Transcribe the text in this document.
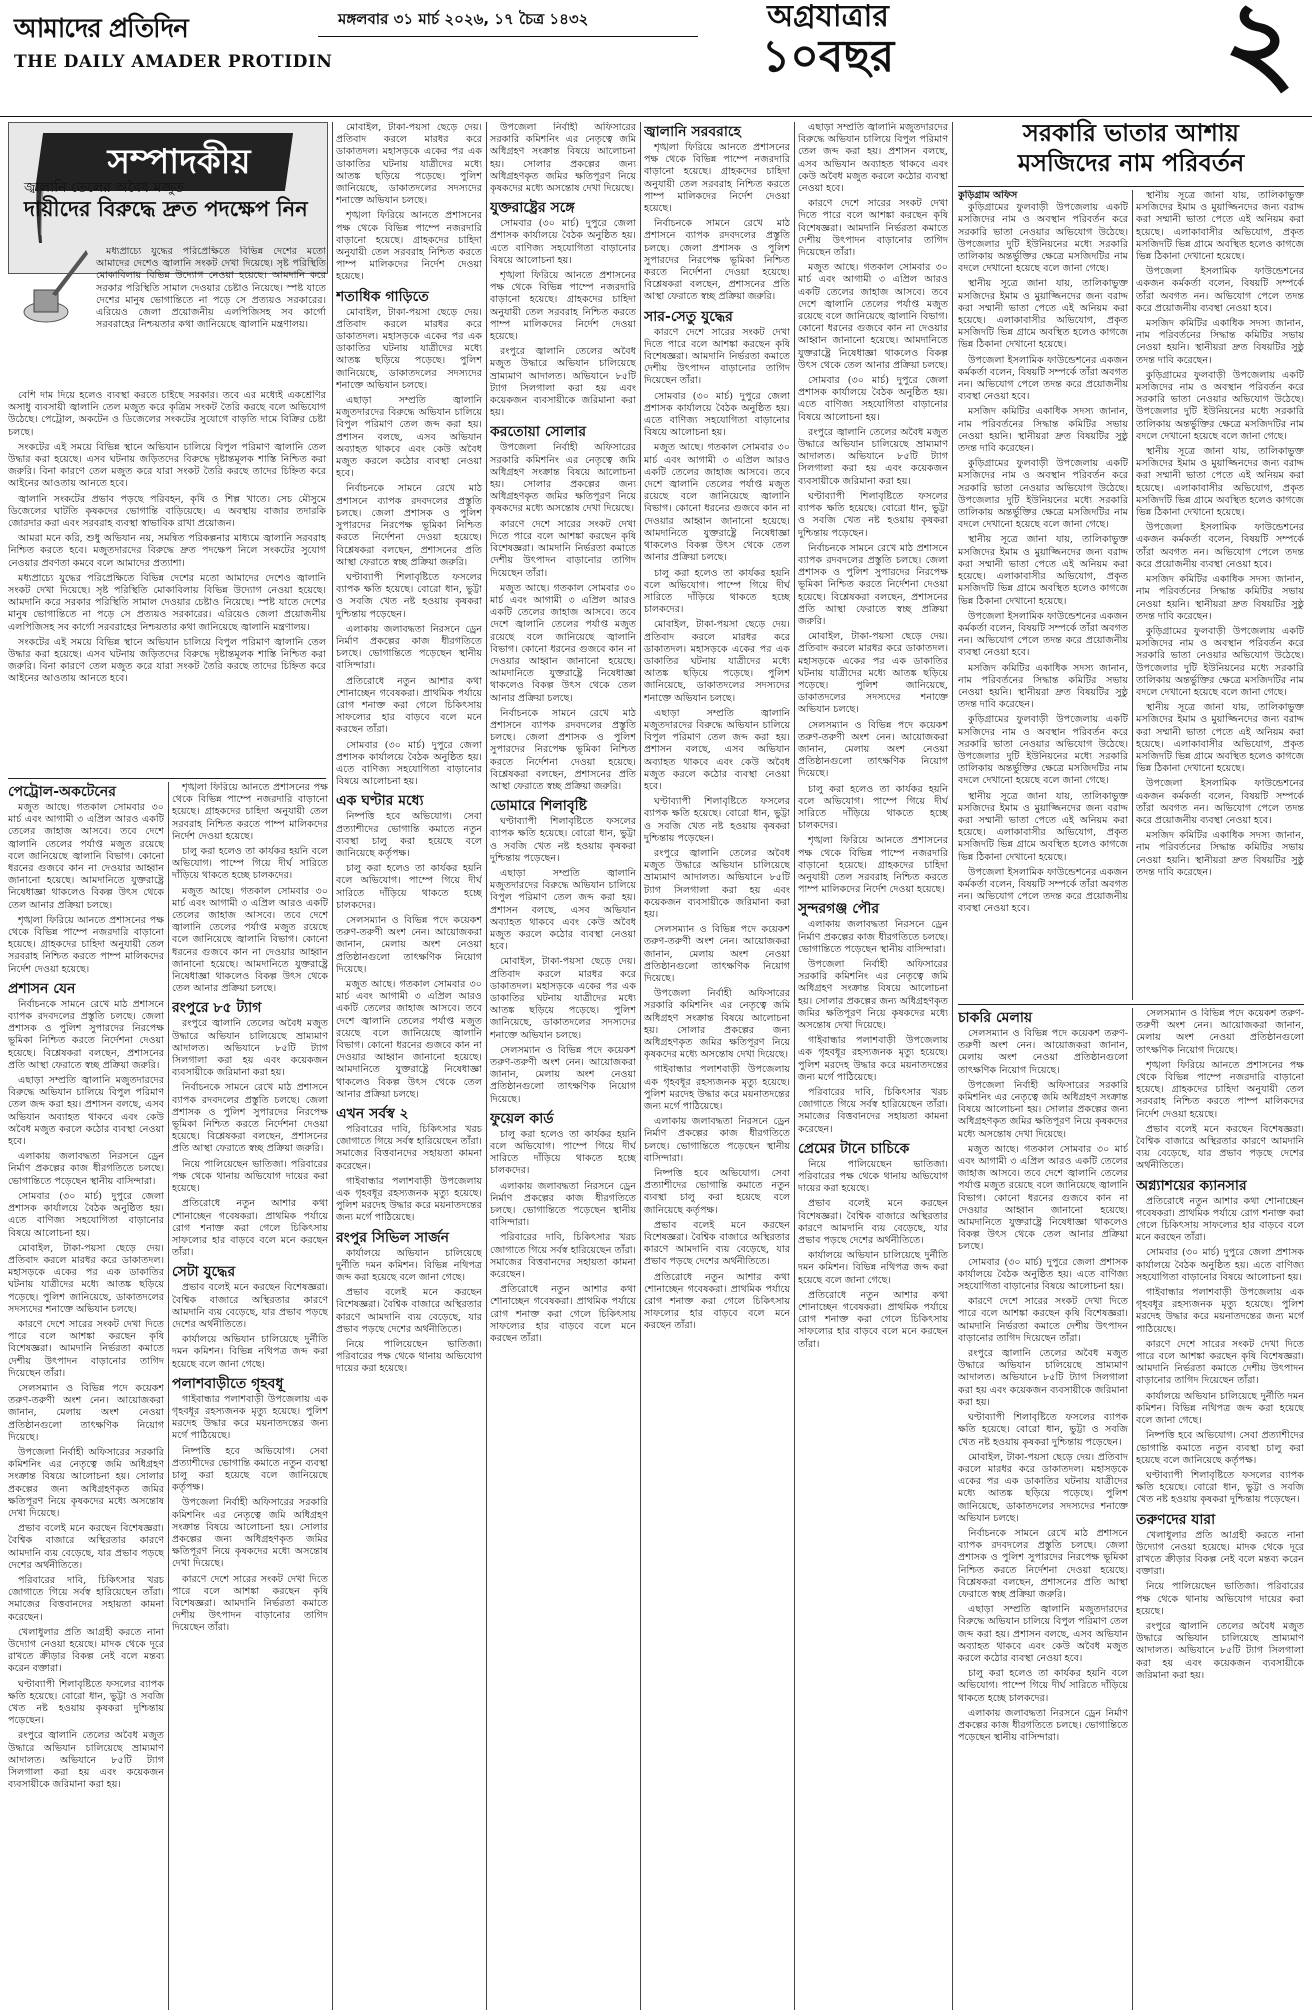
আমাদের প্রতিদিন
THE DAILY AMADER PROTIDIN
মঙ্গলবার ৩১ মার্চ ২০২৬, ১৭ চৈত্র ১৪৩২	অগ্রযাত্রার
১০বছর	২
সম্পাদকীয়
জ্বালানি তেলের অবৈধ মজুত
দায়ীদের বিরুদ্ধে দ্রুত পদক্ষেপ নিন

মধ্যপ্রাচ্যে যুদ্ধের পরিপ্রেক্ষিতে বিভিন্ন দেশের মতো আমাদের দেশেও জ্বালানি সংকট দেখা দিয়েছে। সৃষ্ট পরিস্থিতি মোকাবিলায় বিভিন্ন উদ্যোগ নেওয়া হয়েছে। আমদানি করে সরকার পরিস্থিতি সামাল দেওয়ার চেষ্টাও নিয়েছে। স্পষ্ট যাতে দেশের মানুষ ভোগান্তিতে না পড়ে সে প্রত্যয়ও সরকারের। এরিয়েও জেলা প্রয়োজনীয় এলপিজিসহ সব কার্গো সরবরাহের নিশ্চয়তার কথা জানিয়েছে জ্বালানি মন্ত্রণালয়।

বেশি দাম দিয়ে হলেও ব্যবস্থা করতে চাইছে সরকার। তবে এর মধ্যেই একশ্রেণির অসাধু ব্যবসায়ী জ্বালানি তেল মজুত করে কৃত্রিম সংকট তৈরি করছে বলে অভিযোগ উঠেছে। পেট্রোল, অকটেন ও ডিজেলের সংকটের সুযোগে বাড়তি দামে বিক্রির চেষ্টা চলছে।

সংকটের এই সময়ে বিভিন্ন স্থানে অভিযান চালিয়ে বিপুল পরিমাণ জ্বালানি তেল উদ্ধার করা হয়েছে। এসব ঘটনায় জড়িতদের বিরুদ্ধে দৃষ্টান্তমূলক শাস্তি নিশ্চিত করা জরুরি। বিনা কারণে তেল মজুত করে যারা সংকট তৈরি করছে তাদের চিহ্নিত করে আইনের আওতায় আনতে হবে।

জ্বালানি সংকটের প্রভাব পড়ছে পরিবহন, কৃষি ও শিল্প খাতে। সেচ মৌসুমে ডিজেলের ঘাটতি কৃষকদের ভোগান্তি বাড়িয়েছে। এ অবস্থায় বাজার তদারকি জোরদার করা এবং সরবরাহ ব্যবস্থা স্বাভাবিক রাখা প্রয়োজন।

আমরা মনে করি, শুধু অভিযান নয়, সমন্বিত পরিকল্পনার মাধ্যমে জ্বালানি সরবরাহ নিশ্চিত করতে হবে। মজুতদারদের বিরুদ্ধে দ্রুত পদক্ষেপ নিলে সংকটের সুযোগ নেওয়ার প্রবণতা কমবে বলে আমাদের প্রত্যাশা।

মধ্যপ্রাচ্যে যুদ্ধের পরিপ্রেক্ষিতে বিভিন্ন দেশের মতো আমাদের দেশেও জ্বালানি সংকট দেখা দিয়েছে। সৃষ্ট পরিস্থিতি মোকাবিলায় বিভিন্ন উদ্যোগ নেওয়া হয়েছে। আমদানি করে সরকার পরিস্থিতি সামাল দেওয়ার চেষ্টাও নিয়েছে। স্পষ্ট যাতে দেশের মানুষ ভোগান্তিতে না পড়ে সে প্রত্যয়ও সরকারের। এরিয়েও জেলা প্রয়োজনীয় এলপিজিসহ সব কার্গো সরবরাহের নিশ্চয়তার কথা জানিয়েছে জ্বালানি মন্ত্রণালয়।

সংকটের এই সময়ে বিভিন্ন স্থানে অভিযান চালিয়ে বিপুল পরিমাণ জ্বালানি তেল উদ্ধার করা হয়েছে। এসব ঘটনায় জড়িতদের বিরুদ্ধে দৃষ্টান্তমূলক শাস্তি নিশ্চিত করা জরুরি। বিনা কারণে তেল মজুত করে যারা সংকট তৈরি করছে তাদের চিহ্নিত করে আইনের আওতায় আনতে হবে।

পেট্রোল-অকটেনের

মজুত আছে। গতকাল সোমবার ৩০ মার্চ এবং আগামী ৩ এপ্রিল আরও একটি তেলের জাহাজ আসবে। তবে দেশে জ্বালানি তেলের পর্যাপ্ত মজুত রয়েছে বলে জানিয়েছে জ্বালানি বিভাগ। কোনো ধরনের গুজবে কান না দেওয়ার আহ্বান জানানো হয়েছে। আমদানিতে যুক্তরাষ্ট্রে নিষেধাজ্ঞা থাকলেও বিকল্প উৎস থেকে তেল আনার প্রক্রিয়া চলছে।

শৃঙ্খলা ফিরিয়ে আনতে প্রশাসনের পক্ষ থেকে বিভিন্ন পাম্পে নজরদারি বাড়ানো হয়েছে। গ্রাহকদের চাহিদা অনুযায়ী তেল সরবরাহ নিশ্চিত করতে পাম্প মালিকদের নির্দেশ দেওয়া হয়েছে।

প্রশাসন যেন

নির্বাচনকে সামনে রেখে মাঠ প্রশাসনে ব্যাপক রদবদলের প্রস্তুতি চলছে। জেলা প্রশাসক ও পুলিশ সুপারদের নিরপেক্ষ ভূমিকা নিশ্চিত করতে নির্দেশনা দেওয়া হয়েছে। বিশ্লেষকরা বলছেন, প্রশাসনের প্রতি আস্থা ফেরাতে স্বচ্ছ প্রক্রিয়া জরুরি।

এছাড়া সম্প্রতি জ্বালানি মজুতদারদের বিরুদ্ধে অভিযান চালিয়ে বিপুল পরিমাণ তেল জব্দ করা হয়। প্রশাসন বলছে, এসব অভিযান অব্যাহত থাকবে এবং কেউ অবৈধ মজুত করলে কঠোর ব্যবস্থা নেওয়া হবে।

এলাকায় জলাবদ্ধতা নিরসনে ড্রেন নির্মাণ প্রকল্পের কাজ ধীরগতিতে চলছে। ভোগান্তিতে পড়েছেন স্থানীয় বাসিন্দারা।

সোমবার (৩০ মার্চ) দুপুরে জেলা প্রশাসক কার্যালয়ে বৈঠক অনুষ্ঠিত হয়। এতে বাণিজ্য সহযোগিতা বাড়ানোর বিষয়ে আলোচনা হয়।

মোবাইল, টাকা-পয়সা ছেড়ে দেয়। প্রতিবাদ করলে মারধর করে ডাকাতদল। মহাসড়কে একের পর এক ডাকাতির ঘটনায় যাত্রীদের মধ্যে আতঙ্ক ছড়িয়ে পড়েছে। পুলিশ জানিয়েছে, ডাকাতদলের সদস্যদের শনাক্তে অভিযান চলছে।

কারণে দেশে সারের সংকট দেখা দিতে পারে বলে আশঙ্কা করছেন কৃষি বিশেষজ্ঞরা। আমদানি নির্ভরতা কমাতে দেশীয় উৎপাদন বাড়ানোর তাগিদ দিয়েছেন তাঁরা।

সেলসম্যান ও বিভিন্ন পদে কয়েকশ তরুণ-তরুণী অংশ নেন। আয়োজকরা জানান, মেলায় অংশ নেওয়া প্রতিষ্ঠানগুলো তাৎক্ষণিক নিয়োগ দিয়েছে।

উপজেলা নির্বাহী অফিসারের সরকারি কমিশনিং এর নেতৃত্বে জমি অধিগ্রহণ সংক্রান্ত বিষয়ে আলোচনা হয়। সোলার প্রকল্পের জন্য অধিগ্রহণকৃত জমির ক্ষতিপূরণ নিয়ে কৃষকদের মধ্যে অসন্তোষ দেখা দিয়েছে।

প্রভাব বলেই মনে করছেন বিশেষজ্ঞরা। বৈশ্বিক বাজারে অস্থিরতার কারণে আমদানি ব্যয় বেড়েছে, যার প্রভাব পড়ছে দেশের অর্থনীতিতে।

পরিবারের দাবি, চিকিৎসার খরচ জোগাতে গিয়ে সর্বস্ব হারিয়েছেন তাঁরা। সমাজের বিত্তবানদের সহায়তা কামনা করেছেন।

খেলাধুলার প্রতি আগ্রহী করতে নানা উদ্যোগ নেওয়া হয়েছে। মাদক থেকে দূরে রাখতে ক্রীড়ার বিকল্প নেই বলে মন্তব্য করেন বক্তারা।

ঘণ্টাব্যাপী শিলাবৃষ্টিতে ফসলের ব্যাপক ক্ষতি হয়েছে। বোরো ধান, ভুট্টা ও সবজি খেত নষ্ট হওয়ায় কৃষকরা দুশ্চিন্তায় পড়েছেন।

রংপুরে জ্বালানি তেলের অবৈধ মজুত উদ্ধারে অভিযান চালিয়েছে ভ্রাম্যমাণ আদালত। অভিযানে ৮৫টি ট্যাগ সিলগালা করা হয় এবং কয়েকজন ব্যবসায়ীকে জরিমানা করা হয়।

শৃঙ্খলা ফিরিয়ে আনতে প্রশাসনের পক্ষ থেকে বিভিন্ন পাম্পে নজরদারি বাড়ানো হয়েছে। গ্রাহকদের চাহিদা অনুযায়ী তেল সরবরাহ নিশ্চিত করতে পাম্প মালিকদের নির্দেশ দেওয়া হয়েছে।

চালু করা হলেও তা কার্যকর হয়নি বলে অভিযোগ। পাম্পে গিয়ে দীর্ঘ সারিতে দাঁড়িয়ে থাকতে হচ্ছে চালকদের।

মজুত আছে। গতকাল সোমবার ৩০ মার্চ এবং আগামী ৩ এপ্রিল আরও একটি তেলের জাহাজ আসবে। তবে দেশে জ্বালানি তেলের পর্যাপ্ত মজুত রয়েছে বলে জানিয়েছে জ্বালানি বিভাগ। কোনো ধরনের গুজবে কান না দেওয়ার আহ্বান জানানো হয়েছে। আমদানিতে যুক্তরাষ্ট্রে নিষেধাজ্ঞা থাকলেও বিকল্প উৎস থেকে তেল আনার প্রক্রিয়া চলছে।

রংপুরে ৮৫ ট্যাগ

রংপুরে জ্বালানি তেলের অবৈধ মজুত উদ্ধারে অভিযান চালিয়েছে ভ্রাম্যমাণ আদালত। অভিযানে ৮৫টি ট্যাগ সিলগালা করা হয় এবং কয়েকজন ব্যবসায়ীকে জরিমানা করা হয়।

নির্বাচনকে সামনে রেখে মাঠ প্রশাসনে ব্যাপক রদবদলের প্রস্তুতি চলছে। জেলা প্রশাসক ও পুলিশ সুপারদের নিরপেক্ষ ভূমিকা নিশ্চিত করতে নির্দেশনা দেওয়া হয়েছে। বিশ্লেষকরা বলছেন, প্রশাসনের প্রতি আস্থা ফেরাতে স্বচ্ছ প্রক্রিয়া জরুরি।

নিয়ে পালিয়েছেন ভাতিজা। পরিবারের পক্ষ থেকে থানায় অভিযোগ দায়ের করা হয়েছে।

প্রতিরোধে নতুন আশার কথা শোনাচ্ছেন গবেষকরা। প্রাথমিক পর্যায়ে রোগ শনাক্ত করা গেলে চিকিৎসায় সাফল্যের হার বাড়বে বলে মনে করছেন তাঁরা।

সেটা যুদ্ধের

প্রভাব বলেই মনে করছেন বিশেষজ্ঞরা। বৈশ্বিক বাজারে অস্থিরতার কারণে আমদানি ব্যয় বেড়েছে, যার প্রভাব পড়ছে দেশের অর্থনীতিতে।

কার্যালয়ে অভিযান চালিয়েছে দুর্নীতি দমন কমিশন। বিভিন্ন নথিপত্র জব্দ করা হয়েছে বলে জানা গেছে।

পলাশবাড়ীতে গৃহবধূ

গাইবান্ধার পলাশবাড়ী উপজেলায় এক গৃহবধূর রহস্যজনক মৃত্যু হয়েছে। পুলিশ মরদেহ উদ্ধার করে ময়নাতদন্তের জন্য মর্গে পাঠিয়েছে।

নিষ্পত্তি হবে অভিযোগ। সেবা প্রত্যাশীদের ভোগান্তি কমাতে নতুন ব্যবস্থা চালু করা হয়েছে বলে জানিয়েছে কর্তৃপক্ষ।

উপজেলা নির্বাহী অফিসারের সরকারি কমিশনিং এর নেতৃত্বে জমি অধিগ্রহণ সংক্রান্ত বিষয়ে আলোচনা হয়। সোলার প্রকল্পের জন্য অধিগ্রহণকৃত জমির ক্ষতিপূরণ নিয়ে কৃষকদের মধ্যে অসন্তোষ দেখা দিয়েছে।

কারণে দেশে সারের সংকট দেখা দিতে পারে বলে আশঙ্কা করছেন কৃষি বিশেষজ্ঞরা। আমদানি নির্ভরতা কমাতে দেশীয় উৎপাদন বাড়ানোর তাগিদ দিয়েছেন তাঁরা।

মোবাইল, টাকা-পয়সা ছেড়ে দেয়। প্রতিবাদ করলে মারধর করে ডাকাতদল। মহাসড়কে একের পর এক ডাকাতির ঘটনায় যাত্রীদের মধ্যে আতঙ্ক ছড়িয়ে পড়েছে। পুলিশ জানিয়েছে, ডাকাতদলের সদস্যদের শনাক্তে অভিযান চলছে।

শৃঙ্খলা ফিরিয়ে আনতে প্রশাসনের পক্ষ থেকে বিভিন্ন পাম্পে নজরদারি বাড়ানো হয়েছে। গ্রাহকদের চাহিদা অনুযায়ী তেল সরবরাহ নিশ্চিত করতে পাম্প মালিকদের নির্দেশ দেওয়া হয়েছে।

শতাধিক গাড়িতে

মোবাইল, টাকা-পয়সা ছেড়ে দেয়। প্রতিবাদ করলে মারধর করে ডাকাতদল। মহাসড়কে একের পর এক ডাকাতির ঘটনায় যাত্রীদের মধ্যে আতঙ্ক ছড়িয়ে পড়েছে। পুলিশ জানিয়েছে, ডাকাতদলের সদস্যদের শনাক্তে অভিযান চলছে।

এছাড়া সম্প্রতি জ্বালানি মজুতদারদের বিরুদ্ধে অভিযান চালিয়ে বিপুল পরিমাণ তেল জব্দ করা হয়। প্রশাসন বলছে, এসব অভিযান অব্যাহত থাকবে এবং কেউ অবৈধ মজুত করলে কঠোর ব্যবস্থা নেওয়া হবে।

নির্বাচনকে সামনে রেখে মাঠ প্রশাসনে ব্যাপক রদবদলের প্রস্তুতি চলছে। জেলা প্রশাসক ও পুলিশ সুপারদের নিরপেক্ষ ভূমিকা নিশ্চিত করতে নির্দেশনা দেওয়া হয়েছে। বিশ্লেষকরা বলছেন, প্রশাসনের প্রতি আস্থা ফেরাতে স্বচ্ছ প্রক্রিয়া জরুরি।

ঘণ্টাব্যাপী শিলাবৃষ্টিতে ফসলের ব্যাপক ক্ষতি হয়েছে। বোরো ধান, ভুট্টা ও সবজি খেত নষ্ট হওয়ায় কৃষকরা দুশ্চিন্তায় পড়েছেন।

এলাকায় জলাবদ্ধতা নিরসনে ড্রেন নির্মাণ প্রকল্পের কাজ ধীরগতিতে চলছে। ভোগান্তিতে পড়েছেন স্থানীয় বাসিন্দারা।

প্রতিরোধে নতুন আশার কথা শোনাচ্ছেন গবেষকরা। প্রাথমিক পর্যায়ে রোগ শনাক্ত করা গেলে চিকিৎসায় সাফল্যের হার বাড়বে বলে মনে করছেন তাঁরা।

সোমবার (৩০ মার্চ) দুপুরে জেলা প্রশাসক কার্যালয়ে বৈঠক অনুষ্ঠিত হয়। এতে বাণিজ্য সহযোগিতা বাড়ানোর বিষয়ে আলোচনা হয়।

এক ঘণ্টার মধ্যে

নিষ্পত্তি হবে অভিযোগ। সেবা প্রত্যাশীদের ভোগান্তি কমাতে নতুন ব্যবস্থা চালু করা হয়েছে বলে জানিয়েছে কর্তৃপক্ষ।

চালু করা হলেও তা কার্যকর হয়নি বলে অভিযোগ। পাম্পে গিয়ে দীর্ঘ সারিতে দাঁড়িয়ে থাকতে হচ্ছে চালকদের।

সেলসম্যান ও বিভিন্ন পদে কয়েকশ তরুণ-তরুণী অংশ নেন। আয়োজকরা জানান, মেলায় অংশ নেওয়া প্রতিষ্ঠানগুলো তাৎক্ষণিক নিয়োগ দিয়েছে।

মজুত আছে। গতকাল সোমবার ৩০ মার্চ এবং আগামী ৩ এপ্রিল আরও একটি তেলের জাহাজ আসবে। তবে দেশে জ্বালানি তেলের পর্যাপ্ত মজুত রয়েছে বলে জানিয়েছে জ্বালানি বিভাগ। কোনো ধরনের গুজবে কান না দেওয়ার আহ্বান জানানো হয়েছে। আমদানিতে যুক্তরাষ্ট্রে নিষেধাজ্ঞা থাকলেও বিকল্প উৎস থেকে তেল আনার প্রক্রিয়া চলছে।

এখন সর্বস্ব ২

পরিবারের দাবি, চিকিৎসার খরচ জোগাতে গিয়ে সর্বস্ব হারিয়েছেন তাঁরা। সমাজের বিত্তবানদের সহায়তা কামনা করেছেন।

গাইবান্ধার পলাশবাড়ী উপজেলায় এক গৃহবধূর রহস্যজনক মৃত্যু হয়েছে। পুলিশ মরদেহ উদ্ধার করে ময়নাতদন্তের জন্য মর্গে পাঠিয়েছে।

রংপুর সিভিল সার্জন

কার্যালয়ে অভিযান চালিয়েছে দুর্নীতি দমন কমিশন। বিভিন্ন নথিপত্র জব্দ করা হয়েছে বলে জানা গেছে।

প্রভাব বলেই মনে করছেন বিশেষজ্ঞরা। বৈশ্বিক বাজারে অস্থিরতার কারণে আমদানি ব্যয় বেড়েছে, যার প্রভাব পড়ছে দেশের অর্থনীতিতে।

নিয়ে পালিয়েছেন ভাতিজা। পরিবারের পক্ষ থেকে থানায় অভিযোগ দায়ের করা হয়েছে।

উপজেলা নির্বাহী অফিসারের সরকারি কমিশনিং এর নেতৃত্বে জমি অধিগ্রহণ সংক্রান্ত বিষয়ে আলোচনা হয়। সোলার প্রকল্পের জন্য অধিগ্রহণকৃত জমির ক্ষতিপূরণ নিয়ে কৃষকদের মধ্যে অসন্তোষ দেখা দিয়েছে।

যুক্তরাষ্ট্রের সঙ্গে

সোমবার (৩০ মার্চ) দুপুরে জেলা প্রশাসক কার্যালয়ে বৈঠক অনুষ্ঠিত হয়। এতে বাণিজ্য সহযোগিতা বাড়ানোর বিষয়ে আলোচনা হয়।

শৃঙ্খলা ফিরিয়ে আনতে প্রশাসনের পক্ষ থেকে বিভিন্ন পাম্পে নজরদারি বাড়ানো হয়েছে। গ্রাহকদের চাহিদা অনুযায়ী তেল সরবরাহ নিশ্চিত করতে পাম্প মালিকদের নির্দেশ দেওয়া হয়েছে।

রংপুরে জ্বালানি তেলের অবৈধ মজুত উদ্ধারে অভিযান চালিয়েছে ভ্রাম্যমাণ আদালত। অভিযানে ৮৫টি ট্যাগ সিলগালা করা হয় এবং কয়েকজন ব্যবসায়ীকে জরিমানা করা হয়।

করতোয়া সোলার

উপজেলা নির্বাহী অফিসারের সরকারি কমিশনিং এর নেতৃত্বে জমি অধিগ্রহণ সংক্রান্ত বিষয়ে আলোচনা হয়। সোলার প্রকল্পের জন্য অধিগ্রহণকৃত জমির ক্ষতিপূরণ নিয়ে কৃষকদের মধ্যে অসন্তোষ দেখা দিয়েছে।

কারণে দেশে সারের সংকট দেখা দিতে পারে বলে আশঙ্কা করছেন কৃষি বিশেষজ্ঞরা। আমদানি নির্ভরতা কমাতে দেশীয় উৎপাদন বাড়ানোর তাগিদ দিয়েছেন তাঁরা।

মজুত আছে। গতকাল সোমবার ৩০ মার্চ এবং আগামী ৩ এপ্রিল আরও একটি তেলের জাহাজ আসবে। তবে দেশে জ্বালানি তেলের পর্যাপ্ত মজুত রয়েছে বলে জানিয়েছে জ্বালানি বিভাগ। কোনো ধরনের গুজবে কান না দেওয়ার আহ্বান জানানো হয়েছে। আমদানিতে যুক্তরাষ্ট্রে নিষেধাজ্ঞা থাকলেও বিকল্প উৎস থেকে তেল আনার প্রক্রিয়া চলছে।

নির্বাচনকে সামনে রেখে মাঠ প্রশাসনে ব্যাপক রদবদলের প্রস্তুতি চলছে। জেলা প্রশাসক ও পুলিশ সুপারদের নিরপেক্ষ ভূমিকা নিশ্চিত করতে নির্দেশনা দেওয়া হয়েছে। বিশ্লেষকরা বলছেন, প্রশাসনের প্রতি আস্থা ফেরাতে স্বচ্ছ প্রক্রিয়া জরুরি।

ডোমারে শিলাবৃষ্টি

ঘণ্টাব্যাপী শিলাবৃষ্টিতে ফসলের ব্যাপক ক্ষতি হয়েছে। বোরো ধান, ভুট্টা ও সবজি খেত নষ্ট হওয়ায় কৃষকরা দুশ্চিন্তায় পড়েছেন।

এছাড়া সম্প্রতি জ্বালানি মজুতদারদের বিরুদ্ধে অভিযান চালিয়ে বিপুল পরিমাণ তেল জব্দ করা হয়। প্রশাসন বলছে, এসব অভিযান অব্যাহত থাকবে এবং কেউ অবৈধ মজুত করলে কঠোর ব্যবস্থা নেওয়া হবে।

মোবাইল, টাকা-পয়সা ছেড়ে দেয়। প্রতিবাদ করলে মারধর করে ডাকাতদল। মহাসড়কে একের পর এক ডাকাতির ঘটনায় যাত্রীদের মধ্যে আতঙ্ক ছড়িয়ে পড়েছে। পুলিশ জানিয়েছে, ডাকাতদলের সদস্যদের শনাক্তে অভিযান চলছে।

সেলসম্যান ও বিভিন্ন পদে কয়েকশ তরুণ-তরুণী অংশ নেন। আয়োজকরা জানান, মেলায় অংশ নেওয়া প্রতিষ্ঠানগুলো তাৎক্ষণিক নিয়োগ দিয়েছে।

ফুয়েল কার্ড

চালু করা হলেও তা কার্যকর হয়নি বলে অভিযোগ। পাম্পে গিয়ে দীর্ঘ সারিতে দাঁড়িয়ে থাকতে হচ্ছে চালকদের।

এলাকায় জলাবদ্ধতা নিরসনে ড্রেন নির্মাণ প্রকল্পের কাজ ধীরগতিতে চলছে। ভোগান্তিতে পড়েছেন স্থানীয় বাসিন্দারা।

পরিবারের দাবি, চিকিৎসার খরচ জোগাতে গিয়ে সর্বস্ব হারিয়েছেন তাঁরা। সমাজের বিত্তবানদের সহায়তা কামনা করেছেন।

প্রতিরোধে নতুন আশার কথা শোনাচ্ছেন গবেষকরা। প্রাথমিক পর্যায়ে রোগ শনাক্ত করা গেলে চিকিৎসায় সাফল্যের হার বাড়বে বলে মনে করছেন তাঁরা।

জ্বালানি সরবরাহে

শৃঙ্খলা ফিরিয়ে আনতে প্রশাসনের পক্ষ থেকে বিভিন্ন পাম্পে নজরদারি বাড়ানো হয়েছে। গ্রাহকদের চাহিদা অনুযায়ী তেল সরবরাহ নিশ্চিত করতে পাম্প মালিকদের নির্দেশ দেওয়া হয়েছে।

নির্বাচনকে সামনে রেখে মাঠ প্রশাসনে ব্যাপক রদবদলের প্রস্তুতি চলছে। জেলা প্রশাসক ও পুলিশ সুপারদের নিরপেক্ষ ভূমিকা নিশ্চিত করতে নির্দেশনা দেওয়া হয়েছে। বিশ্লেষকরা বলছেন, প্রশাসনের প্রতি আস্থা ফেরাতে স্বচ্ছ প্রক্রিয়া জরুরি।

সার-সেতু যুদ্ধের

কারণে দেশে সারের সংকট দেখা দিতে পারে বলে আশঙ্কা করছেন কৃষি বিশেষজ্ঞরা। আমদানি নির্ভরতা কমাতে দেশীয় উৎপাদন বাড়ানোর তাগিদ দিয়েছেন তাঁরা।

সোমবার (৩০ মার্চ) দুপুরে জেলা প্রশাসক কার্যালয়ে বৈঠক অনুষ্ঠিত হয়। এতে বাণিজ্য সহযোগিতা বাড়ানোর বিষয়ে আলোচনা হয়।

মজুত আছে। গতকাল সোমবার ৩০ মার্চ এবং আগামী ৩ এপ্রিল আরও একটি তেলের জাহাজ আসবে। তবে দেশে জ্বালানি তেলের পর্যাপ্ত মজুত রয়েছে বলে জানিয়েছে জ্বালানি বিভাগ। কোনো ধরনের গুজবে কান না দেওয়ার আহ্বান জানানো হয়েছে। আমদানিতে যুক্তরাষ্ট্রে নিষেধাজ্ঞা থাকলেও বিকল্প উৎস থেকে তেল আনার প্রক্রিয়া চলছে।

চালু করা হলেও তা কার্যকর হয়নি বলে অভিযোগ। পাম্পে গিয়ে দীর্ঘ সারিতে দাঁড়িয়ে থাকতে হচ্ছে চালকদের।

মোবাইল, টাকা-পয়সা ছেড়ে দেয়। প্রতিবাদ করলে মারধর করে ডাকাতদল। মহাসড়কে একের পর এক ডাকাতির ঘটনায় যাত্রীদের মধ্যে আতঙ্ক ছড়িয়ে পড়েছে। পুলিশ জানিয়েছে, ডাকাতদলের সদস্যদের শনাক্তে অভিযান চলছে।

এছাড়া সম্প্রতি জ্বালানি মজুতদারদের বিরুদ্ধে অভিযান চালিয়ে বিপুল পরিমাণ তেল জব্দ করা হয়। প্রশাসন বলছে, এসব অভিযান অব্যাহত থাকবে এবং কেউ অবৈধ মজুত করলে কঠোর ব্যবস্থা নেওয়া হবে।

ঘণ্টাব্যাপী শিলাবৃষ্টিতে ফসলের ব্যাপক ক্ষতি হয়েছে। বোরো ধান, ভুট্টা ও সবজি খেত নষ্ট হওয়ায় কৃষকরা দুশ্চিন্তায় পড়েছেন।

রংপুরে জ্বালানি তেলের অবৈধ মজুত উদ্ধারে অভিযান চালিয়েছে ভ্রাম্যমাণ আদালত। অভিযানে ৮৫টি ট্যাগ সিলগালা করা হয় এবং কয়েকজন ব্যবসায়ীকে জরিমানা করা হয়।

সেলসম্যান ও বিভিন্ন পদে কয়েকশ তরুণ-তরুণী অংশ নেন। আয়োজকরা জানান, মেলায় অংশ নেওয়া প্রতিষ্ঠানগুলো তাৎক্ষণিক নিয়োগ দিয়েছে।

উপজেলা নির্বাহী অফিসারের সরকারি কমিশনিং এর নেতৃত্বে জমি অধিগ্রহণ সংক্রান্ত বিষয়ে আলোচনা হয়। সোলার প্রকল্পের জন্য অধিগ্রহণকৃত জমির ক্ষতিপূরণ নিয়ে কৃষকদের মধ্যে অসন্তোষ দেখা দিয়েছে।

গাইবান্ধার পলাশবাড়ী উপজেলায় এক গৃহবধূর রহস্যজনক মৃত্যু হয়েছে। পুলিশ মরদেহ উদ্ধার করে ময়নাতদন্তের জন্য মর্গে পাঠিয়েছে।

এলাকায় জলাবদ্ধতা নিরসনে ড্রেন নির্মাণ প্রকল্পের কাজ ধীরগতিতে চলছে। ভোগান্তিতে পড়েছেন স্থানীয় বাসিন্দারা।

নিষ্পত্তি হবে অভিযোগ। সেবা প্রত্যাশীদের ভোগান্তি কমাতে নতুন ব্যবস্থা চালু করা হয়েছে বলে জানিয়েছে কর্তৃপক্ষ।

প্রভাব বলেই মনে করছেন বিশেষজ্ঞরা। বৈশ্বিক বাজারে অস্থিরতার কারণে আমদানি ব্যয় বেড়েছে, যার প্রভাব পড়ছে দেশের অর্থনীতিতে।

প্রতিরোধে নতুন আশার কথা শোনাচ্ছেন গবেষকরা। প্রাথমিক পর্যায়ে রোগ শনাক্ত করা গেলে চিকিৎসায় সাফল্যের হার বাড়বে বলে মনে করছেন তাঁরা।

এছাড়া সম্প্রতি জ্বালানি মজুতদারদের বিরুদ্ধে অভিযান চালিয়ে বিপুল পরিমাণ তেল জব্দ করা হয়। প্রশাসন বলছে, এসব অভিযান অব্যাহত থাকবে এবং কেউ অবৈধ মজুত করলে কঠোর ব্যবস্থা নেওয়া হবে।

কারণে দেশে সারের সংকট দেখা দিতে পারে বলে আশঙ্কা করছেন কৃষি বিশেষজ্ঞরা। আমদানি নির্ভরতা কমাতে দেশীয় উৎপাদন বাড়ানোর তাগিদ দিয়েছেন তাঁরা।

মজুত আছে। গতকাল সোমবার ৩০ মার্চ এবং আগামী ৩ এপ্রিল আরও একটি তেলের জাহাজ আসবে। তবে দেশে জ্বালানি তেলের পর্যাপ্ত মজুত রয়েছে বলে জানিয়েছে জ্বালানি বিভাগ। কোনো ধরনের গুজবে কান না দেওয়ার আহ্বান জানানো হয়েছে। আমদানিতে যুক্তরাষ্ট্রে নিষেধাজ্ঞা থাকলেও বিকল্প উৎস থেকে তেল আনার প্রক্রিয়া চলছে।

সোমবার (৩০ মার্চ) দুপুরে জেলা প্রশাসক কার্যালয়ে বৈঠক অনুষ্ঠিত হয়। এতে বাণিজ্য সহযোগিতা বাড়ানোর বিষয়ে আলোচনা হয়।

রংপুরে জ্বালানি তেলের অবৈধ মজুত উদ্ধারে অভিযান চালিয়েছে ভ্রাম্যমাণ আদালত। অভিযানে ৮৫টি ট্যাগ সিলগালা করা হয় এবং কয়েকজন ব্যবসায়ীকে জরিমানা করা হয়।

ঘণ্টাব্যাপী শিলাবৃষ্টিতে ফসলের ব্যাপক ক্ষতি হয়েছে। বোরো ধান, ভুট্টা ও সবজি খেত নষ্ট হওয়ায় কৃষকরা দুশ্চিন্তায় পড়েছেন।

নির্বাচনকে সামনে রেখে মাঠ প্রশাসনে ব্যাপক রদবদলের প্রস্তুতি চলছে। জেলা প্রশাসক ও পুলিশ সুপারদের নিরপেক্ষ ভূমিকা নিশ্চিত করতে নির্দেশনা দেওয়া হয়েছে। বিশ্লেষকরা বলছেন, প্রশাসনের প্রতি আস্থা ফেরাতে স্বচ্ছ প্রক্রিয়া জরুরি।

মোবাইল, টাকা-পয়সা ছেড়ে দেয়। প্রতিবাদ করলে মারধর করে ডাকাতদল। মহাসড়কে একের পর এক ডাকাতির ঘটনায় যাত্রীদের মধ্যে আতঙ্ক ছড়িয়ে পড়েছে। পুলিশ জানিয়েছে, ডাকাতদলের সদস্যদের শনাক্তে অভিযান চলছে।

সেলসম্যান ও বিভিন্ন পদে কয়েকশ তরুণ-তরুণী অংশ নেন। আয়োজকরা জানান, মেলায় অংশ নেওয়া প্রতিষ্ঠানগুলো তাৎক্ষণিক নিয়োগ দিয়েছে।

চালু করা হলেও তা কার্যকর হয়নি বলে অভিযোগ। পাম্পে গিয়ে দীর্ঘ সারিতে দাঁড়িয়ে থাকতে হচ্ছে চালকদের।

শৃঙ্খলা ফিরিয়ে আনতে প্রশাসনের পক্ষ থেকে বিভিন্ন পাম্পে নজরদারি বাড়ানো হয়েছে। গ্রাহকদের চাহিদা অনুযায়ী তেল সরবরাহ নিশ্চিত করতে পাম্প মালিকদের নির্দেশ দেওয়া হয়েছে।

সুন্দরগঞ্জ পৌর

এলাকায় জলাবদ্ধতা নিরসনে ড্রেন নির্মাণ প্রকল্পের কাজ ধীরগতিতে চলছে। ভোগান্তিতে পড়েছেন স্থানীয় বাসিন্দারা।

উপজেলা নির্বাহী অফিসারের সরকারি কমিশনিং এর নেতৃত্বে জমি অধিগ্রহণ সংক্রান্ত বিষয়ে আলোচনা হয়। সোলার প্রকল্পের জন্য অধিগ্রহণকৃত জমির ক্ষতিপূরণ নিয়ে কৃষকদের মধ্যে অসন্তোষ দেখা দিয়েছে।

গাইবান্ধার পলাশবাড়ী উপজেলায় এক গৃহবধূর রহস্যজনক মৃত্যু হয়েছে। পুলিশ মরদেহ উদ্ধার করে ময়নাতদন্তের জন্য মর্গে পাঠিয়েছে।

পরিবারের দাবি, চিকিৎসার খরচ জোগাতে গিয়ে সর্বস্ব হারিয়েছেন তাঁরা। সমাজের বিত্তবানদের সহায়তা কামনা করেছেন।

প্রেমের টানে চাচিকে

নিয়ে পালিয়েছেন ভাতিজা। পরিবারের পক্ষ থেকে থানায় অভিযোগ দায়ের করা হয়েছে।

প্রভাব বলেই মনে করছেন বিশেষজ্ঞরা। বৈশ্বিক বাজারে অস্থিরতার কারণে আমদানি ব্যয় বেড়েছে, যার প্রভাব পড়ছে দেশের অর্থনীতিতে।

কার্যালয়ে অভিযান চালিয়েছে দুর্নীতি দমন কমিশন। বিভিন্ন নথিপত্র জব্দ করা হয়েছে বলে জানা গেছে।

প্রতিরোধে নতুন আশার কথা শোনাচ্ছেন গবেষকরা। প্রাথমিক পর্যায়ে রোগ শনাক্ত করা গেলে চিকিৎসায় সাফল্যের হার বাড়বে বলে মনে করছেন তাঁরা।

সরকারি ভাতার আশায়
মসজিদের নাম পরিবর্তন
কুড়িগ্রাম অফিস

কুড়িগ্রামের ফুলবাড়ী উপজেলায় একটি মসজিদের নাম ও অবস্থান পরিবর্তন করে সরকারি ভাতা নেওয়ার অভিযোগ উঠেছে। উপজেলার দুটি ইউনিয়নের মধ্যে সরকারি তালিকায় অন্তর্ভুক্তির ক্ষেত্রে মসজিদটির নাম বদলে দেখানো হয়েছে বলে জানা গেছে।

স্থানীয় সূত্রে জানা যায়, তালিকাভুক্ত মসজিদের ইমাম ও মুয়াজ্জিনদের জন্য বরাদ্দ করা সম্মানী ভাতা পেতে এই অনিয়ম করা হয়েছে। এলাকাবাসীর অভিযোগ, প্রকৃত মসজিদটি ভিন্ন গ্রামে অবস্থিত হলেও কাগজে ভিন্ন ঠিকানা দেখানো হয়েছে।

উপজেলা ইসলামিক ফাউন্ডেশনের একজন কর্মকর্তা বলেন, বিষয়টি সম্পর্কে তাঁরা অবগত নন। অভিযোগ পেলে তদন্ত করে প্রয়োজনীয় ব্যবস্থা নেওয়া হবে।

মসজিদ কমিটির একাধিক সদস্য জানান, নাম পরিবর্তনের সিদ্ধান্ত কমিটির সভায় নেওয়া হয়নি। স্থানীয়রা দ্রুত বিষয়টির সুষ্ঠু তদন্ত দাবি করেছেন।

কুড়িগ্রামের ফুলবাড়ী উপজেলায় একটি মসজিদের নাম ও অবস্থান পরিবর্তন করে সরকারি ভাতা নেওয়ার অভিযোগ উঠেছে। উপজেলার দুটি ইউনিয়নের মধ্যে সরকারি তালিকায় অন্তর্ভুক্তির ক্ষেত্রে মসজিদটির নাম বদলে দেখানো হয়েছে বলে জানা গেছে।

স্থানীয় সূত্রে জানা যায়, তালিকাভুক্ত মসজিদের ইমাম ও মুয়াজ্জিনদের জন্য বরাদ্দ করা সম্মানী ভাতা পেতে এই অনিয়ম করা হয়েছে। এলাকাবাসীর অভিযোগ, প্রকৃত মসজিদটি ভিন্ন গ্রামে অবস্থিত হলেও কাগজে ভিন্ন ঠিকানা দেখানো হয়েছে।

উপজেলা ইসলামিক ফাউন্ডেশনের একজন কর্মকর্তা বলেন, বিষয়টি সম্পর্কে তাঁরা অবগত নন। অভিযোগ পেলে তদন্ত করে প্রয়োজনীয় ব্যবস্থা নেওয়া হবে।

মসজিদ কমিটির একাধিক সদস্য জানান, নাম পরিবর্তনের সিদ্ধান্ত কমিটির সভায় নেওয়া হয়নি। স্থানীয়রা দ্রুত বিষয়টির সুষ্ঠু তদন্ত দাবি করেছেন।

কুড়িগ্রামের ফুলবাড়ী উপজেলায় একটি মসজিদের নাম ও অবস্থান পরিবর্তন করে সরকারি ভাতা নেওয়ার অভিযোগ উঠেছে। উপজেলার দুটি ইউনিয়নের মধ্যে সরকারি তালিকায় অন্তর্ভুক্তির ক্ষেত্রে মসজিদটির নাম বদলে দেখানো হয়েছে বলে জানা গেছে।

স্থানীয় সূত্রে জানা যায়, তালিকাভুক্ত মসজিদের ইমাম ও মুয়াজ্জিনদের জন্য বরাদ্দ করা সম্মানী ভাতা পেতে এই অনিয়ম করা হয়েছে। এলাকাবাসীর অভিযোগ, প্রকৃত মসজিদটি ভিন্ন গ্রামে অবস্থিত হলেও কাগজে ভিন্ন ঠিকানা দেখানো হয়েছে।

উপজেলা ইসলামিক ফাউন্ডেশনের একজন কর্মকর্তা বলেন, বিষয়টি সম্পর্কে তাঁরা অবগত নন। অভিযোগ পেলে তদন্ত করে প্রয়োজনীয় ব্যবস্থা নেওয়া হবে।

স্থানীয় সূত্রে জানা যায়, তালিকাভুক্ত মসজিদের ইমাম ও মুয়াজ্জিনদের জন্য বরাদ্দ করা সম্মানী ভাতা পেতে এই অনিয়ম করা হয়েছে। এলাকাবাসীর অভিযোগ, প্রকৃত মসজিদটি ভিন্ন গ্রামে অবস্থিত হলেও কাগজে ভিন্ন ঠিকানা দেখানো হয়েছে।

উপজেলা ইসলামিক ফাউন্ডেশনের একজন কর্মকর্তা বলেন, বিষয়টি সম্পর্কে তাঁরা অবগত নন। অভিযোগ পেলে তদন্ত করে প্রয়োজনীয় ব্যবস্থা নেওয়া হবে।

মসজিদ কমিটির একাধিক সদস্য জানান, নাম পরিবর্তনের সিদ্ধান্ত কমিটির সভায় নেওয়া হয়নি। স্থানীয়রা দ্রুত বিষয়টির সুষ্ঠু তদন্ত দাবি করেছেন।

কুড়িগ্রামের ফুলবাড়ী উপজেলায় একটি মসজিদের নাম ও অবস্থান পরিবর্তন করে সরকারি ভাতা নেওয়ার অভিযোগ উঠেছে। উপজেলার দুটি ইউনিয়নের মধ্যে সরকারি তালিকায় অন্তর্ভুক্তির ক্ষেত্রে মসজিদটির নাম বদলে দেখানো হয়েছে বলে জানা গেছে।

স্থানীয় সূত্রে জানা যায়, তালিকাভুক্ত মসজিদের ইমাম ও মুয়াজ্জিনদের জন্য বরাদ্দ করা সম্মানী ভাতা পেতে এই অনিয়ম করা হয়েছে। এলাকাবাসীর অভিযোগ, প্রকৃত মসজিদটি ভিন্ন গ্রামে অবস্থিত হলেও কাগজে ভিন্ন ঠিকানা দেখানো হয়েছে।

উপজেলা ইসলামিক ফাউন্ডেশনের একজন কর্মকর্তা বলেন, বিষয়টি সম্পর্কে তাঁরা অবগত নন। অভিযোগ পেলে তদন্ত করে প্রয়োজনীয় ব্যবস্থা নেওয়া হবে।

মসজিদ কমিটির একাধিক সদস্য জানান, নাম পরিবর্তনের সিদ্ধান্ত কমিটির সভায় নেওয়া হয়নি। স্থানীয়রা দ্রুত বিষয়টির সুষ্ঠু তদন্ত দাবি করেছেন।

কুড়িগ্রামের ফুলবাড়ী উপজেলায় একটি মসজিদের নাম ও অবস্থান পরিবর্তন করে সরকারি ভাতা নেওয়ার অভিযোগ উঠেছে। উপজেলার দুটি ইউনিয়নের মধ্যে সরকারি তালিকায় অন্তর্ভুক্তির ক্ষেত্রে মসজিদটির নাম বদলে দেখানো হয়েছে বলে জানা গেছে।

স্থানীয় সূত্রে জানা যায়, তালিকাভুক্ত মসজিদের ইমাম ও মুয়াজ্জিনদের জন্য বরাদ্দ করা সম্মানী ভাতা পেতে এই অনিয়ম করা হয়েছে। এলাকাবাসীর অভিযোগ, প্রকৃত মসজিদটি ভিন্ন গ্রামে অবস্থিত হলেও কাগজে ভিন্ন ঠিকানা দেখানো হয়েছে।

উপজেলা ইসলামিক ফাউন্ডেশনের একজন কর্মকর্তা বলেন, বিষয়টি সম্পর্কে তাঁরা অবগত নন। অভিযোগ পেলে তদন্ত করে প্রয়োজনীয় ব্যবস্থা নেওয়া হবে।

মসজিদ কমিটির একাধিক সদস্য জানান, নাম পরিবর্তনের সিদ্ধান্ত কমিটির সভায় নেওয়া হয়নি। স্থানীয়রা দ্রুত বিষয়টির সুষ্ঠু তদন্ত দাবি করেছেন।

চাকরি মেলায়

সেলসম্যান ও বিভিন্ন পদে কয়েকশ তরুণ-তরুণী অংশ নেন। আয়োজকরা জানান, মেলায় অংশ নেওয়া প্রতিষ্ঠানগুলো তাৎক্ষণিক নিয়োগ দিয়েছে।

উপজেলা নির্বাহী অফিসারের সরকারি কমিশনিং এর নেতৃত্বে জমি অধিগ্রহণ সংক্রান্ত বিষয়ে আলোচনা হয়। সোলার প্রকল্পের জন্য অধিগ্রহণকৃত জমির ক্ষতিপূরণ নিয়ে কৃষকদের মধ্যে অসন্তোষ দেখা দিয়েছে।

মজুত আছে। গতকাল সোমবার ৩০ মার্চ এবং আগামী ৩ এপ্রিল আরও একটি তেলের জাহাজ আসবে। তবে দেশে জ্বালানি তেলের পর্যাপ্ত মজুত রয়েছে বলে জানিয়েছে জ্বালানি বিভাগ। কোনো ধরনের গুজবে কান না দেওয়ার আহ্বান জানানো হয়েছে। আমদানিতে যুক্তরাষ্ট্রে নিষেধাজ্ঞা থাকলেও বিকল্প উৎস থেকে তেল আনার প্রক্রিয়া চলছে।

সোমবার (৩০ মার্চ) দুপুরে জেলা প্রশাসক কার্যালয়ে বৈঠক অনুষ্ঠিত হয়। এতে বাণিজ্য সহযোগিতা বাড়ানোর বিষয়ে আলোচনা হয়।

কারণে দেশে সারের সংকট দেখা দিতে পারে বলে আশঙ্কা করছেন কৃষি বিশেষজ্ঞরা। আমদানি নির্ভরতা কমাতে দেশীয় উৎপাদন বাড়ানোর তাগিদ দিয়েছেন তাঁরা।

রংপুরে জ্বালানি তেলের অবৈধ মজুত উদ্ধারে অভিযান চালিয়েছে ভ্রাম্যমাণ আদালত। অভিযানে ৮৫টি ট্যাগ সিলগালা করা হয় এবং কয়েকজন ব্যবসায়ীকে জরিমানা করা হয়।

ঘণ্টাব্যাপী শিলাবৃষ্টিতে ফসলের ব্যাপক ক্ষতি হয়েছে। বোরো ধান, ভুট্টা ও সবজি খেত নষ্ট হওয়ায় কৃষকরা দুশ্চিন্তায় পড়েছেন।

মোবাইল, টাকা-পয়সা ছেড়ে দেয়। প্রতিবাদ করলে মারধর করে ডাকাতদল। মহাসড়কে একের পর এক ডাকাতির ঘটনায় যাত্রীদের মধ্যে আতঙ্ক ছড়িয়ে পড়েছে। পুলিশ জানিয়েছে, ডাকাতদলের সদস্যদের শনাক্তে অভিযান চলছে।

নির্বাচনকে সামনে রেখে মাঠ প্রশাসনে ব্যাপক রদবদলের প্রস্তুতি চলছে। জেলা প্রশাসক ও পুলিশ সুপারদের নিরপেক্ষ ভূমিকা নিশ্চিত করতে নির্দেশনা দেওয়া হয়েছে। বিশ্লেষকরা বলছেন, প্রশাসনের প্রতি আস্থা ফেরাতে স্বচ্ছ প্রক্রিয়া জরুরি।

এছাড়া সম্প্রতি জ্বালানি মজুতদারদের বিরুদ্ধে অভিযান চালিয়ে বিপুল পরিমাণ তেল জব্দ করা হয়। প্রশাসন বলছে, এসব অভিযান অব্যাহত থাকবে এবং কেউ অবৈধ মজুত করলে কঠোর ব্যবস্থা নেওয়া হবে।

চালু করা হলেও তা কার্যকর হয়নি বলে অভিযোগ। পাম্পে গিয়ে দীর্ঘ সারিতে দাঁড়িয়ে থাকতে হচ্ছে চালকদের।

এলাকায় জলাবদ্ধতা নিরসনে ড্রেন নির্মাণ প্রকল্পের কাজ ধীরগতিতে চলছে। ভোগান্তিতে পড়েছেন স্থানীয় বাসিন্দারা।

সেলসম্যান ও বিভিন্ন পদে কয়েকশ তরুণ-তরুণী অংশ নেন। আয়োজকরা জানান, মেলায় অংশ নেওয়া প্রতিষ্ঠানগুলো তাৎক্ষণিক নিয়োগ দিয়েছে।

শৃঙ্খলা ফিরিয়ে আনতে প্রশাসনের পক্ষ থেকে বিভিন্ন পাম্পে নজরদারি বাড়ানো হয়েছে। গ্রাহকদের চাহিদা অনুযায়ী তেল সরবরাহ নিশ্চিত করতে পাম্প মালিকদের নির্দেশ দেওয়া হয়েছে।

প্রভাব বলেই মনে করছেন বিশেষজ্ঞরা। বৈশ্বিক বাজারে অস্থিরতার কারণে আমদানি ব্যয় বেড়েছে, যার প্রভাব পড়ছে দেশের অর্থনীতিতে।

অগ্ন্যাশয়ের ক্যানসার

প্রতিরোধে নতুন আশার কথা শোনাচ্ছেন গবেষকরা। প্রাথমিক পর্যায়ে রোগ শনাক্ত করা গেলে চিকিৎসায় সাফল্যের হার বাড়বে বলে মনে করছেন তাঁরা।

সোমবার (৩০ মার্চ) দুপুরে জেলা প্রশাসক কার্যালয়ে বৈঠক অনুষ্ঠিত হয়। এতে বাণিজ্য সহযোগিতা বাড়ানোর বিষয়ে আলোচনা হয়।

গাইবান্ধার পলাশবাড়ী উপজেলায় এক গৃহবধূর রহস্যজনক মৃত্যু হয়েছে। পুলিশ মরদেহ উদ্ধার করে ময়নাতদন্তের জন্য মর্গে পাঠিয়েছে।

কারণে দেশে সারের সংকট দেখা দিতে পারে বলে আশঙ্কা করছেন কৃষি বিশেষজ্ঞরা। আমদানি নির্ভরতা কমাতে দেশীয় উৎপাদন বাড়ানোর তাগিদ দিয়েছেন তাঁরা।

কার্যালয়ে অভিযান চালিয়েছে দুর্নীতি দমন কমিশন। বিভিন্ন নথিপত্র জব্দ করা হয়েছে বলে জানা গেছে।

নিষ্পত্তি হবে অভিযোগ। সেবা প্রত্যাশীদের ভোগান্তি কমাতে নতুন ব্যবস্থা চালু করা হয়েছে বলে জানিয়েছে কর্তৃপক্ষ।

ঘণ্টাব্যাপী শিলাবৃষ্টিতে ফসলের ব্যাপক ক্ষতি হয়েছে। বোরো ধান, ভুট্টা ও সবজি খেত নষ্ট হওয়ায় কৃষকরা দুশ্চিন্তায় পড়েছেন।

তরুণদের যারা

খেলাধুলার প্রতি আগ্রহী করতে নানা উদ্যোগ নেওয়া হয়েছে। মাদক থেকে দূরে রাখতে ক্রীড়ার বিকল্প নেই বলে মন্তব্য করেন বক্তারা।

নিয়ে পালিয়েছেন ভাতিজা। পরিবারের পক্ষ থেকে থানায় অভিযোগ দায়ের করা হয়েছে।

রংপুরে জ্বালানি তেলের অবৈধ মজুত উদ্ধারে অভিযান চালিয়েছে ভ্রাম্যমাণ আদালত। অভিযানে ৮৫টি ট্যাগ সিলগালা করা হয় এবং কয়েকজন ব্যবসায়ীকে জরিমানা করা হয়।
